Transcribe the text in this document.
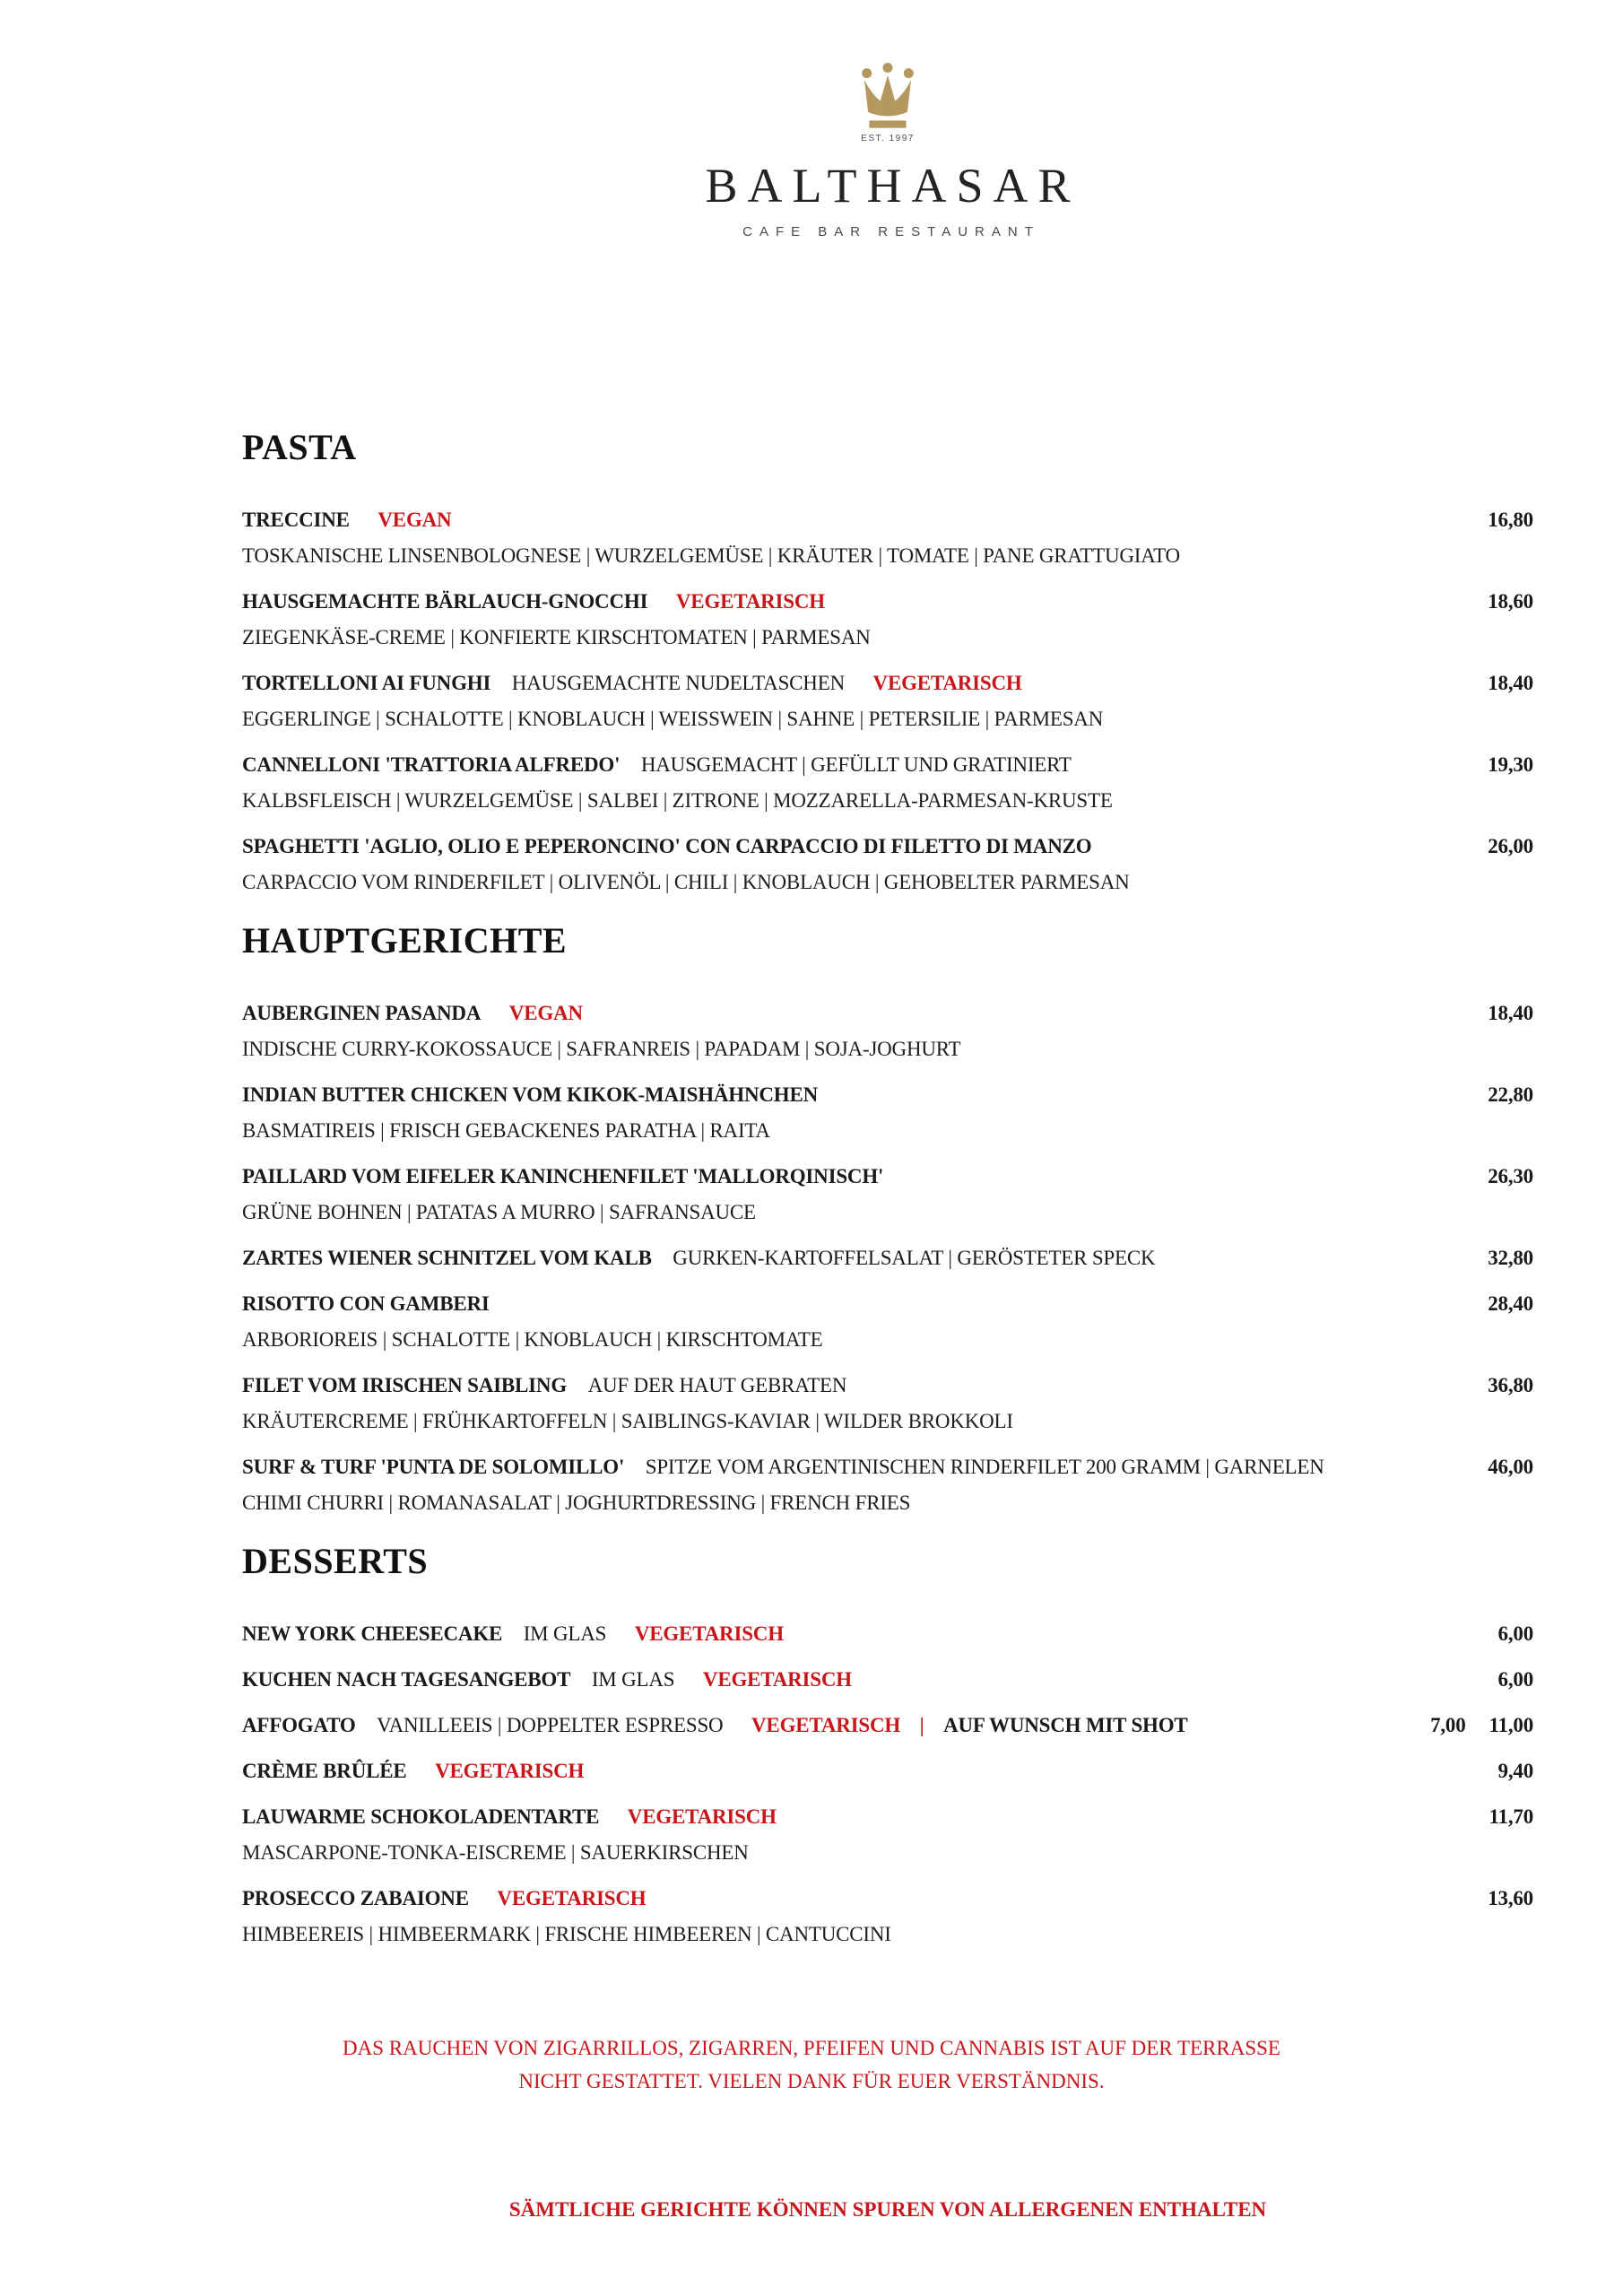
EST. 1997
BALTHASAR
CAFE BAR RESTAURANT
PASTA
TRECCINE VEGAN	16,80
TOSKANISCHE LINSENBOLOGNESE | WURZELGEMÜSE | KRÄUTER | TOMATE | PANE GRATTUGIATO
HAUSGEMACHTE BÄRLAUCH-GNOCCHI VEGETARISCH	18,60
ZIEGENKÄSE-CREME | KONFIERTE KIRSCHTOMATEN | PARMESAN
TORTELLONI AI FUNGHI HAUSGEMACHTE NUDELTASCHEN VEGETARISCH	18,40
EGGERLINGE | SCHALOTTE | KNOBLAUCH | WEISSWEIN | SAHNE | PETERSILIE | PARMESAN
CANNELLONI 'TRATTORIA ALFREDO' HAUSGEMACHT | GEFÜLLT UND GRATINIERT	19,30
KALBSFLEISCH | WURZELGEMÜSE | SALBEI | ZITRONE | MOZZARELLA-PARMESAN-KRUSTE
SPAGHETTI 'AGLIO, OLIO E PEPERONCINO' CON CARPACCIO DI FILETTO DI MANZO	26,00
CARPACCIO VOM RINDERFILET | OLIVENÖL | CHILI | KNOBLAUCH | GEHOBELTER PARMESAN
HAUPTGERICHTE
AUBERGINEN PASANDA VEGAN	18,40
INDISCHE CURRY-KOKOSSAUCE | SAFRANREIS | PAPADAM | SOJA-JOGHURT
INDIAN BUTTER CHICKEN VOM KIKOK-MAISHÄHNCHEN	22,80
BASMATIREIS | FRISCH GEBACKENES PARATHA | RAITA
PAILLARD VOM EIFELER KANINCHENFILET 'MALLORQINISCH'	26,30
GRÜNE BOHNEN | PATATAS A MURRO | SAFRANSAUCE
ZARTES WIENER SCHNITZEL VOM KALB GURKEN-KARTOFFELSALAT | GERÖSTETER SPECK	32,80
RISOTTO CON GAMBERI	28,40
ARBORIOREIS | SCHALOTTE | KNOBLAUCH | KIRSCHTOMATE
FILET VOM IRISCHEN SAIBLING AUF DER HAUT GEBRATEN	36,80
KRÄUTERCREME | FRÜHKARTOFFELN | SAIBLINGS-KAVIAR | WILDER BROKKOLI
SURF & TURF 'PUNTA DE SOLOMILLO' SPITZE VOM ARGENTINISCHEN RINDERFILET 200 GRAMM | GARNELEN	46,00
CHIMI CHURRI | ROMANASALAT | JOGHURTDRESSING | FRENCH FRIES
DESSERTS
NEW YORK CHEESECAKE IM GLAS VEGETARISCH	6,00
KUCHEN NACH TAGESANGEBOT IM GLAS VEGETARISCH	6,00
AFFOGATO VANILLEEIS | DOPPELTER ESPRESSO VEGETARISCH | AUF WUNSCH MIT SHOT	7,00 11,00
CRÈME BRÛLÉE VEGETARISCH	9,40
LAUWARME SCHOKOLADENTARTE VEGETARISCH	11,70
MASCARPONE-TONKA-EISCREME | SAUERKIRSCHEN
PROSECCO ZABAIONE VEGETARISCH	13,60
HIMBEEREIS | HIMBEERMARK | FRISCHE HIMBEEREN | CANTUCCINI

DAS RAUCHEN VON ZIGARRILLOS, ZIGARREN, PFEIFEN UND CANNABIS IST AUF DER TERRASSE
NICHT GESTATTET. VIELEN DANK FÜR EUER VERSTÄNDNIS.

SÄMTLICHE GERICHTE KÖNNEN SPUREN VON ALLERGENEN ENTHALTEN
